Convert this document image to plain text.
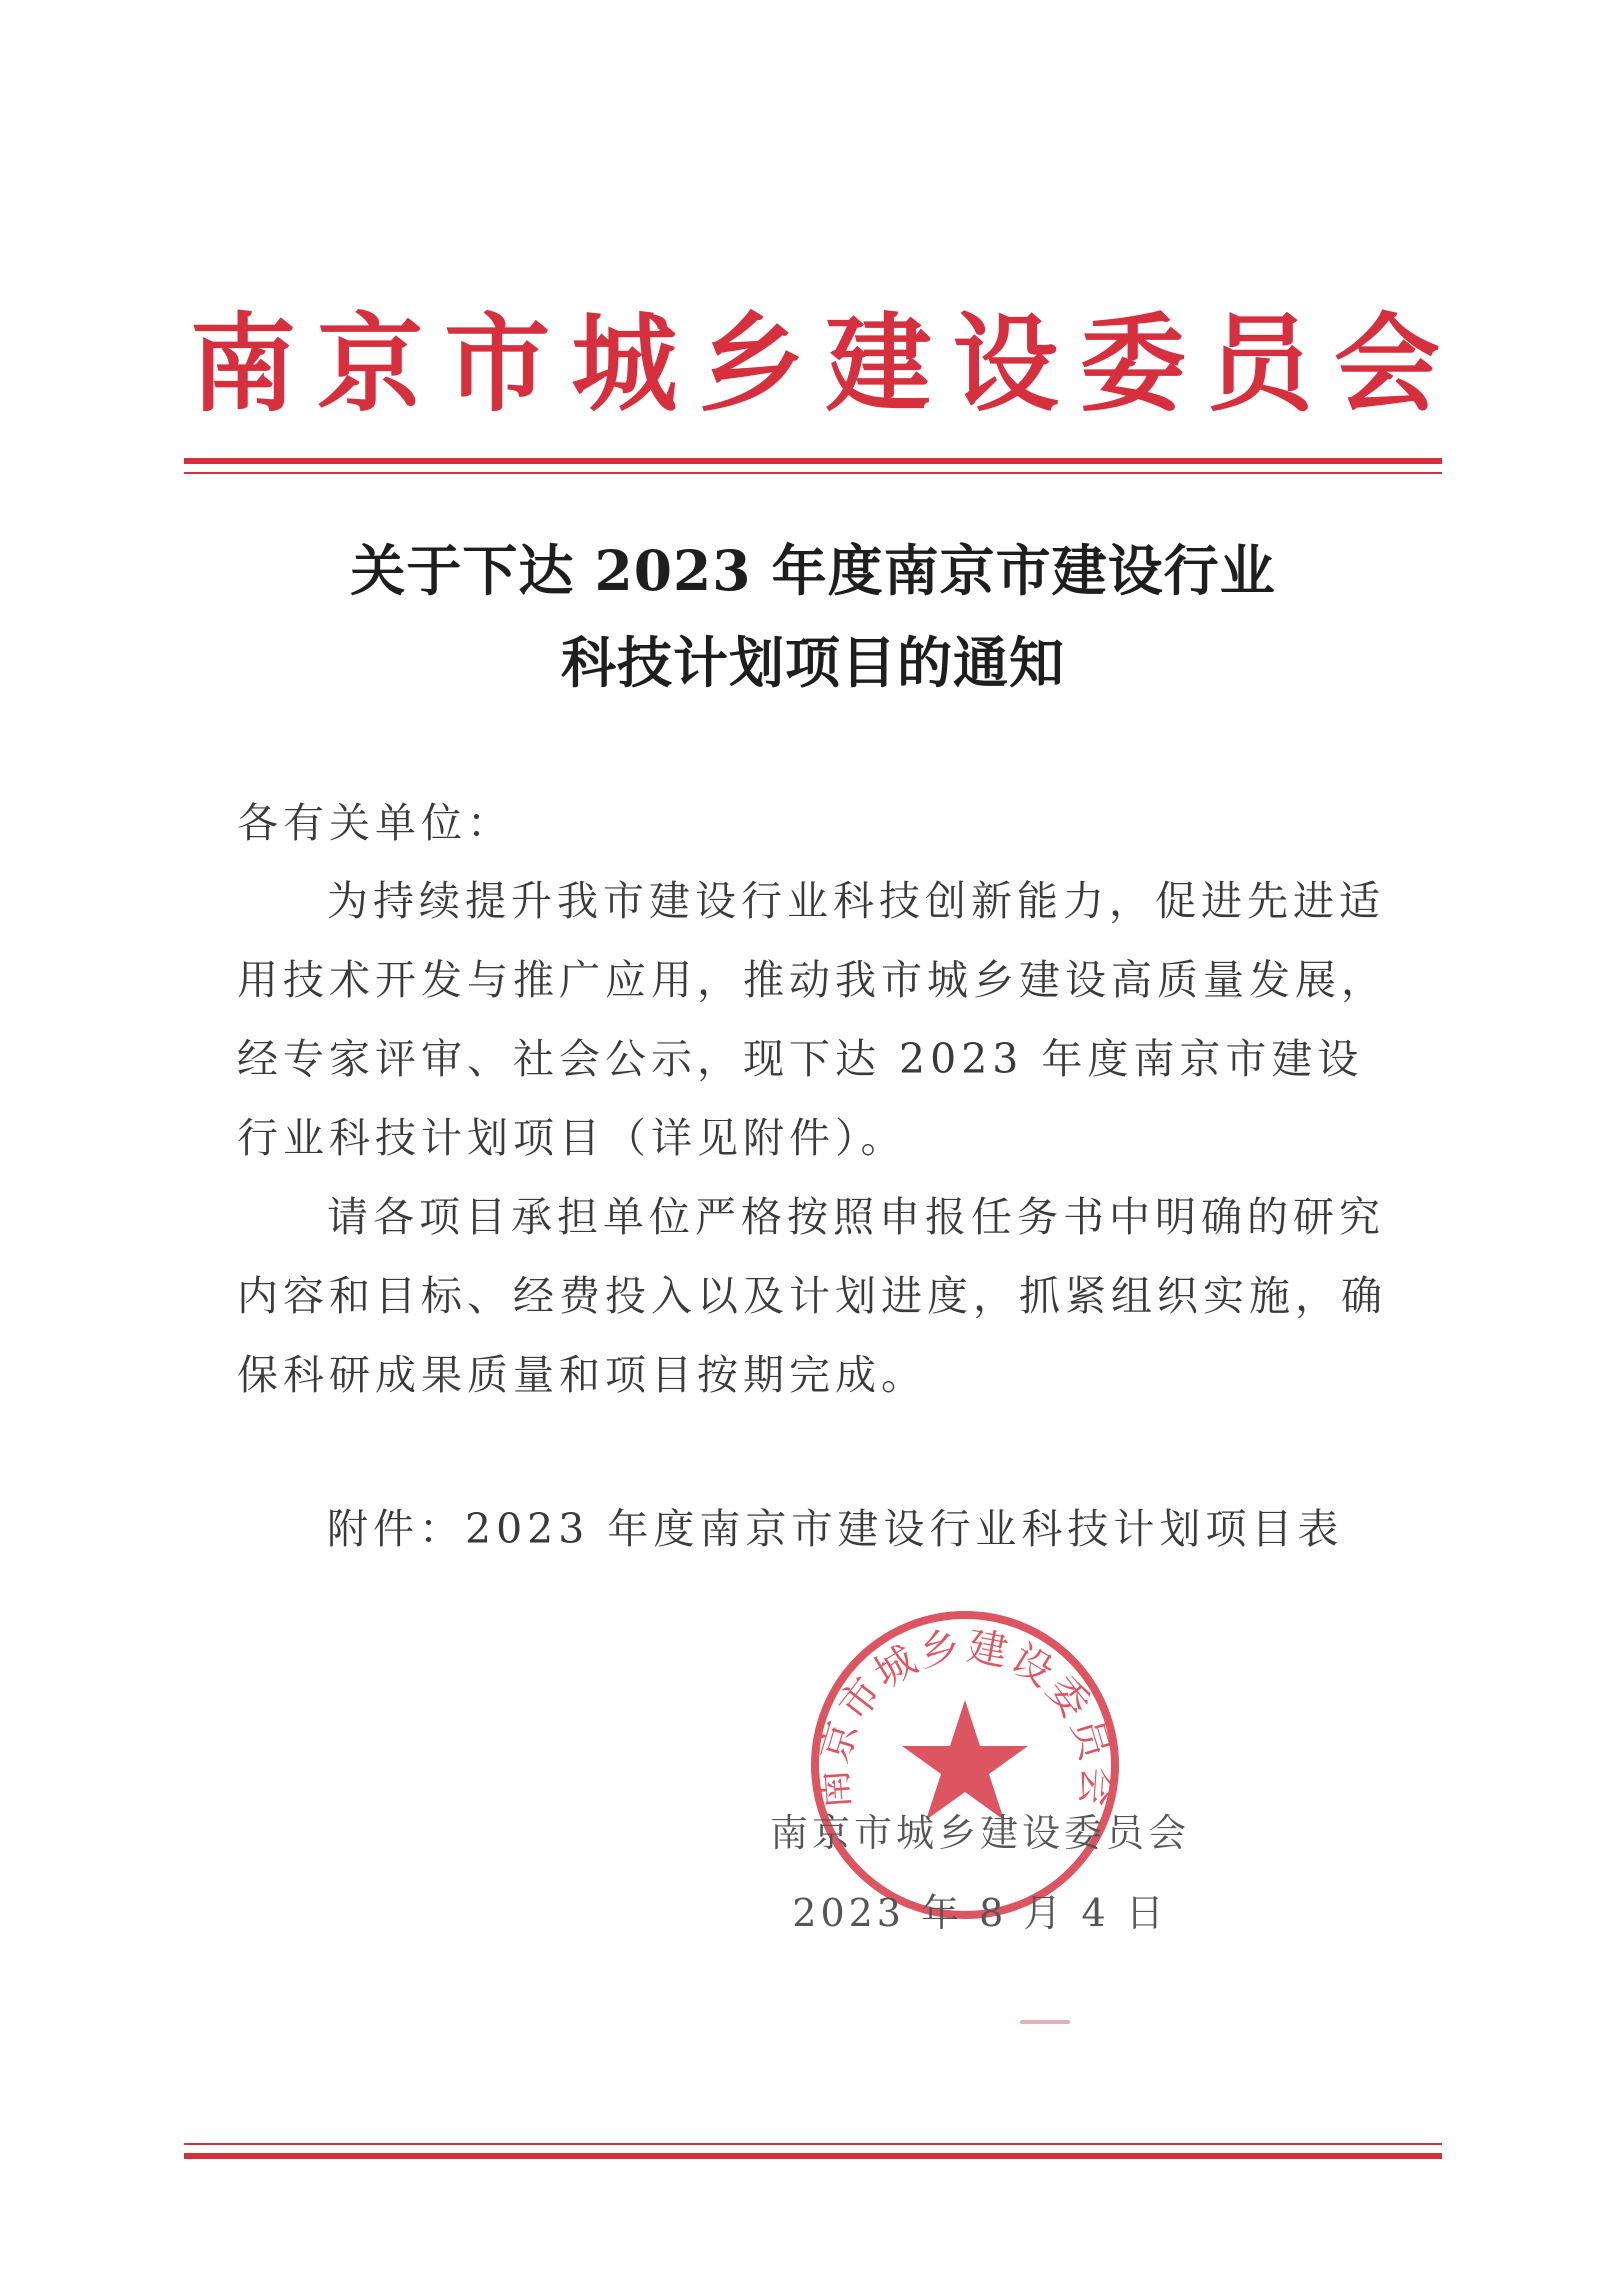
南 京 市 城 乡 建 设 委 员 会
关于下达 2023 年度南京市建设行业
科技计划项目的通知
各有关单位：
为持续提升我市建设行业科技创新能力，促进先进适用技术开发与推广应用，推动我市城乡建设高质量发展，经专家评审、社会公示，现下达 2023 年度南京市建设行业科技计划项目（详见附件）。
请各项目承担单位严格按照申报任务书中明确的研究内容和目标、经费投入以及计划进度，抓紧组织实施，确保科研成果质量和项目按期完成。
附件：2023 年度南京市建设行业科技计划项目表
南京市城乡建设委员会
南京市城乡建设委员会
2023 年 8 月 4 日
